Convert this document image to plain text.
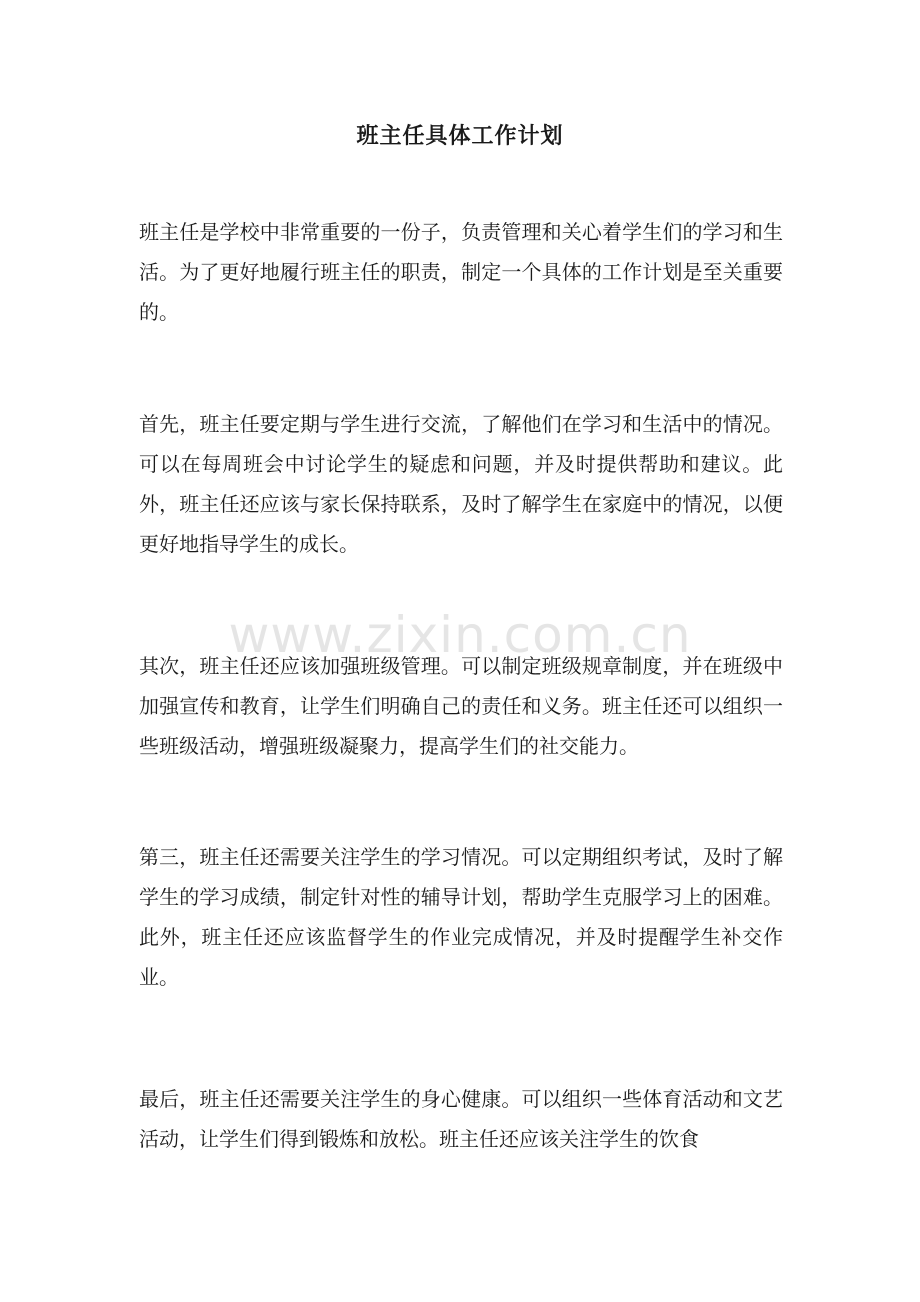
班主任具体工作计划

班主任是学校中非常重要的一份子，负责管理和关心着学生们的学习和生活。为了更好地履行班主任的职责，制定一个具体的工作计划是至关重要的。

首先，班主任要定期与学生进行交流，了解他们在学习和生活中的情况。可以在每周班会中讨论学生的疑虑和问题，并及时提供帮助和建议。此外，班主任还应该与家长保持联系，及时了解学生在家庭中的情况，以便更好地指导学生的成长。

其次，班主任还应该加强班级管理。可以制定班级规章制度，并在班级中加强宣传和教育，让学生们明确自己的责任和义务。班主任还可以组织一些班级活动，增强班级凝聚力，提高学生们的社交能力。

第三，班主任还需要关注学生的学习情况。可以定期组织考试，及时了解学生的学习成绩，制定针对性的辅导计划，帮助学生克服学习上的困难。此外，班主任还应该监督学生的作业完成情况，并及时提醒学生补交作业。

最后，班主任还需要关注学生的身心健康。可以组织一些体育活动和文艺活动，让学生们得到锻炼和放松。班主任还应该关注学生的饮食

www.zixin.com.cn
